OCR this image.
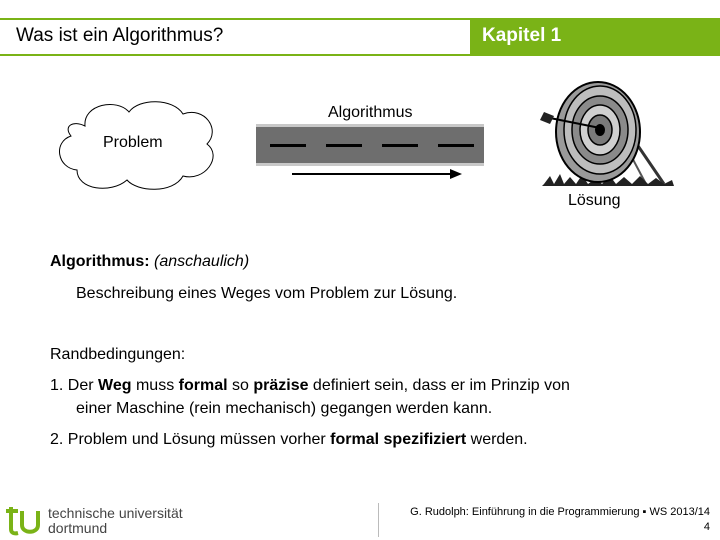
Was ist ein Algorithmus?	Kapitel 1
Problem
Algorithmus
Lösung
Algorithmus: (anschaulich)
Beschreibung eines Weges vom Problem zur Lösung.
Randbedingungen:
1. Der Weg muss formal so präzise definiert sein, dass er im Prinzip von
einer Maschine (rein mechanisch) gegangen werden kann.
2. Problem und Lösung müssen vorher formal spezifiziert werden.
technische universität
dortmund
G. Rudolph: Einführung in die Programmierung ▪ WS 2013/14
4
